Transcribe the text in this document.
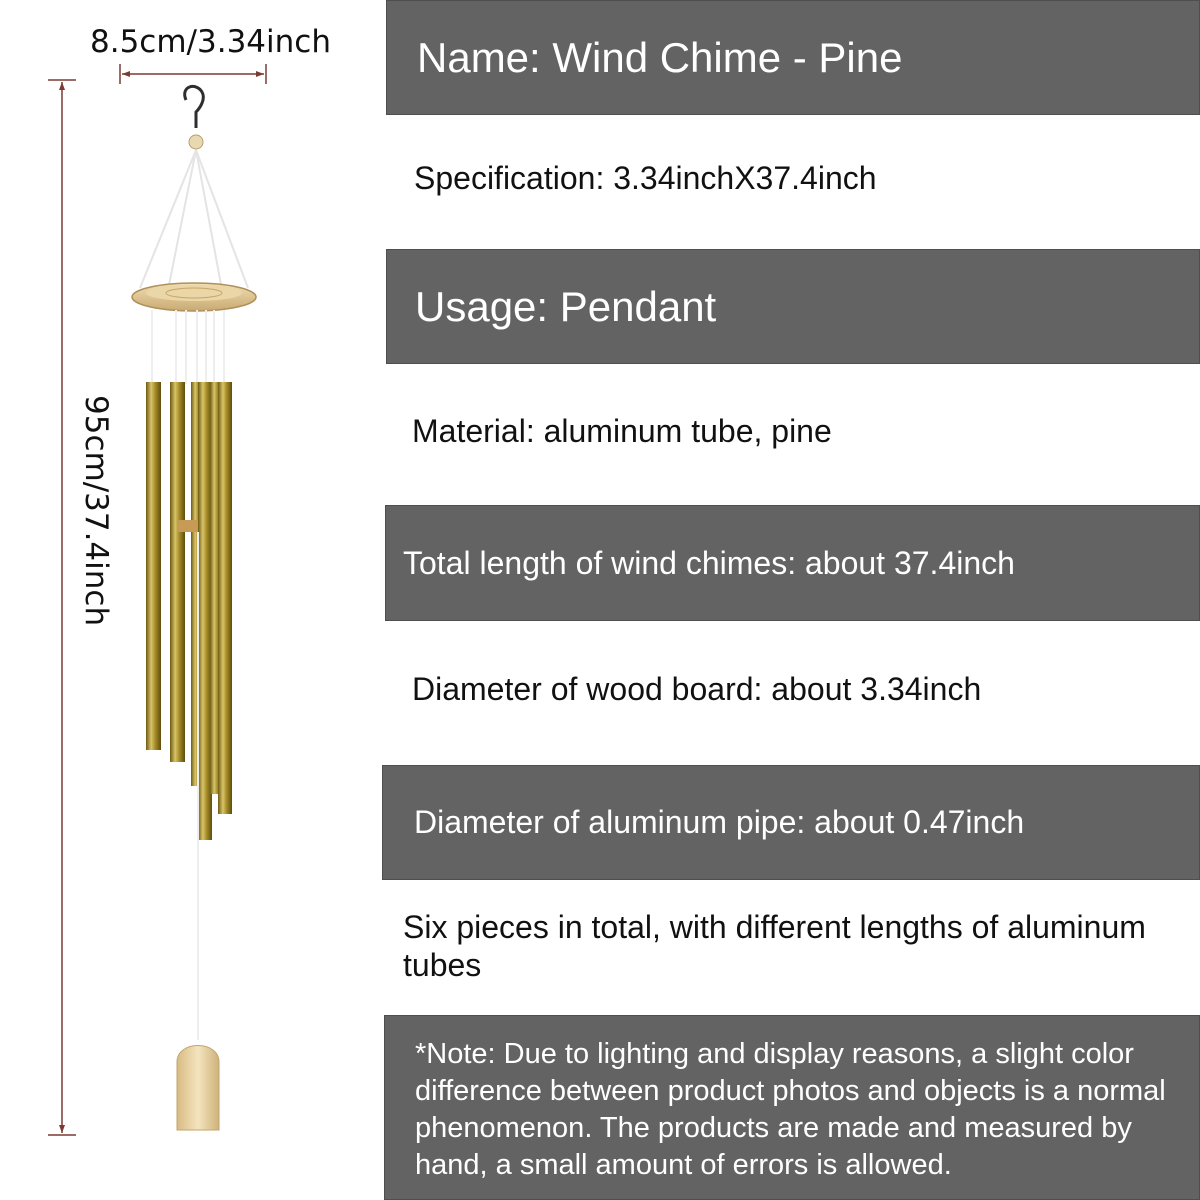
8.5cm/3.34inch
95cm/37.4inch
Name: Wind Chime - Pine
Specification: 3.34inchX37.4inch
Usage: Pendant
Material: aluminum tube, pine
Total length of wind chimes: about 37.4inch
Diameter of wood board: about 3.34inch
Diameter of aluminum pipe: about 0.47inch
Six pieces in total, with different lengths of aluminum tubes
*Note: Due to lighting and display reasons, a slight color difference between product photos and objects is a normal phenomenon. The products are made and measured by hand, a small amount of errors is allowed.
